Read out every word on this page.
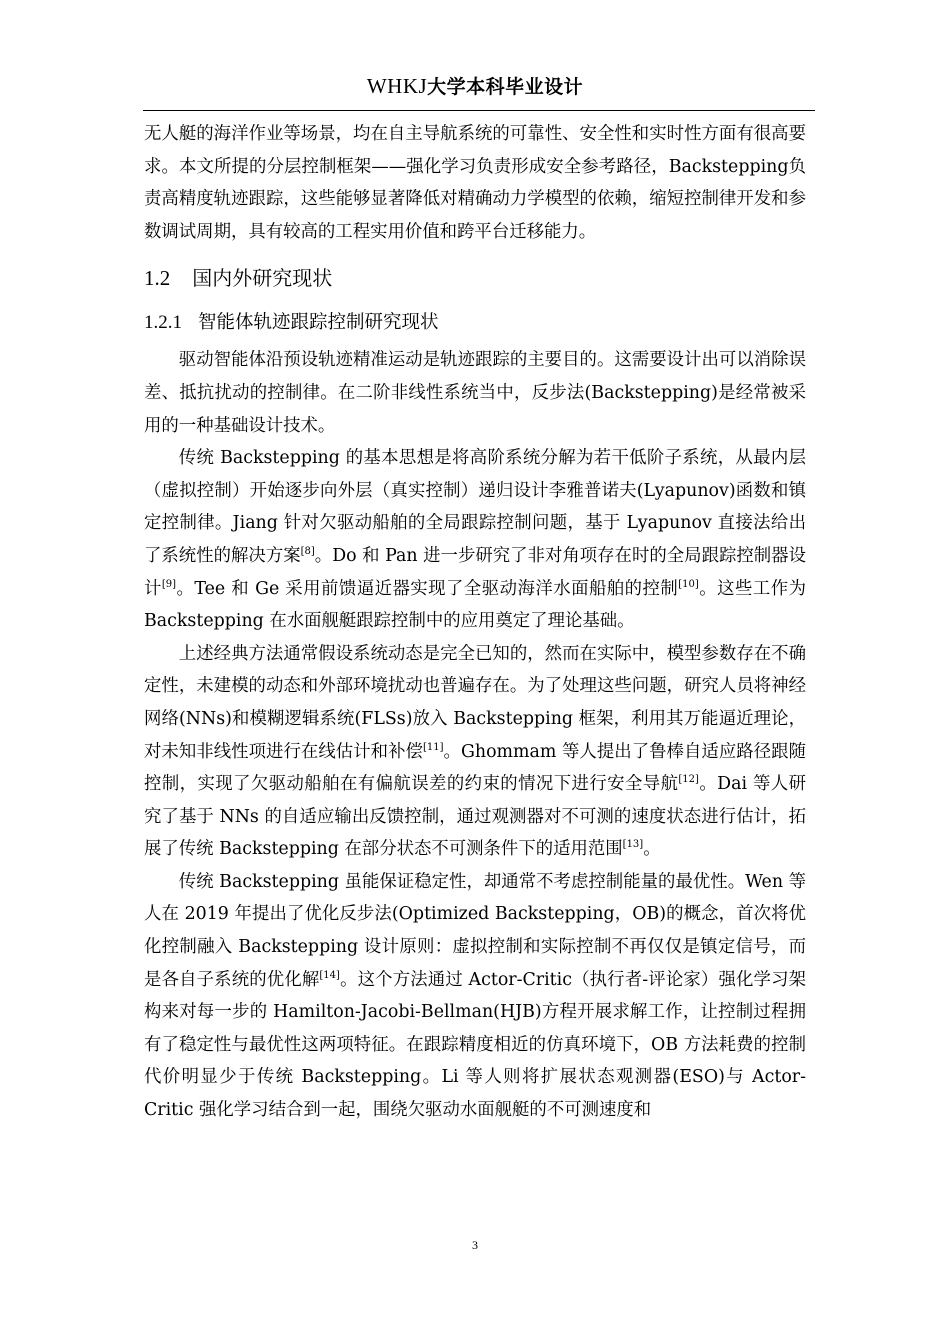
WHKJ大学本科毕业设计

无人艇的海洋作业等场景，均在自主导航系统的可靠性、安全性和实时性方面有很高要求。本文所提的分层控制框架——强化学习负责形成安全参考路径，Backstepping负责高精度轨迹跟踪，这些能够显著降低对精确动力学模型的依赖，缩短控制律开发和参数调试周期，具有较高的工程实用价值和跨平台迁移能力。

1.2 国内外研究现状
1.2.1 智能体轨迹跟踪控制研究现状

驱动智能体沿预设轨迹精准运动是轨迹跟踪的主要目的。这需要设计出可以消除误差、抵抗扰动的控制律。在二阶非线性系统当中，反步法(Backstepping)是经常被采用的一种基础设计技术。

传统 Backstepping 的基本思想是将高阶系统分解为若干低阶子系统，从最内层（虚拟控制）开始逐步向外层（真实控制）递归设计李雅普诺夫(Lyapunov)函数和镇定控制律。Jiang 针对欠驱动船舶的全局跟踪控制问题，基于 Lyapunov 直接法给出了系统性的解决方案[8]。Do 和 Pan 进一步研究了非对角项存在时的全局跟踪控制器设计[9]。Tee 和 Ge 采用前馈逼近器实现了全驱动海洋水面船舶的控制[10]。这些工作为 Backstepping 在水面舰艇跟踪控制中的应用奠定了理论基础。

上述经典方法通常假设系统动态是完全已知的，然而在实际中，模型参数存在不确定性，未建模的动态和外部环境扰动也普遍存在。为了处理这些问题，研究人员将神经网络(NNs)和模糊逻辑系统(FLSs)放入 Backstepping 框架，利用其万能逼近理论，对未知非线性项进行在线估计和补偿[11]。Ghommam 等人提出了鲁棒自适应路径跟随控制，实现了欠驱动船舶在有偏航误差的约束的情况下进行安全导航[12]。Dai 等人研究了基于 NNs 的自适应输出反馈控制，通过观测器对不可测的速度状态进行估计，拓展了传统 Backstepping 在部分状态不可测条件下的适用范围[13]。

传统 Backstepping 虽能保证稳定性，却通常不考虑控制能量的最优性。Wen 等人在 2019 年提出了优化反步法(Optimized Backstepping，OB)的概念，首次将优化控制融入 Backstepping 设计原则：虚拟控制和实际控制不再仅仅是镇定信号，而是各自子系统的优化解[14]。这个方法通过 Actor-Critic（执行者-评论家）强化学习架构来对每一步的 Hamilton-Jacobi-Bellman(HJB)方程开展求解工作，让控制过程拥有了稳定性与最优性这两项特征。在跟踪精度相近的仿真环境下，OB 方法耗费的控制代价明显少于传统 Backstepping。Li 等人则将扩展状态观测器(ESO)与 Actor-Critic 强化学习结合到一起，围绕欠驱动水面舰艇的不可测速度和

3
